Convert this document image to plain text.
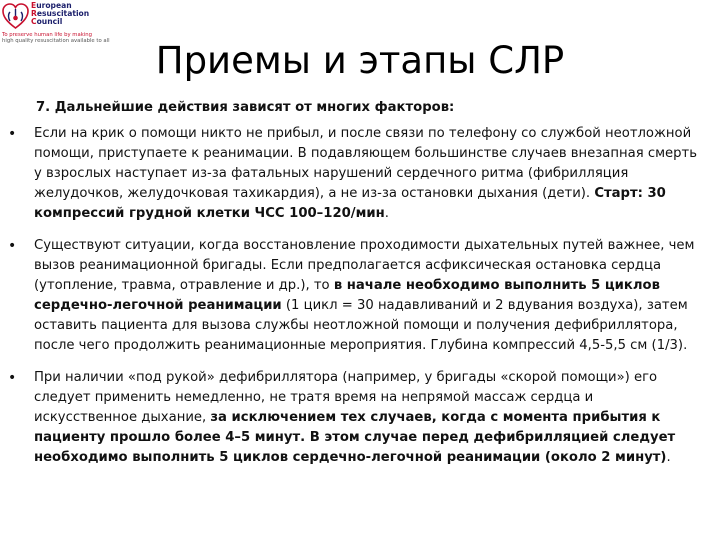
European
Resuscitation
Council
To preserve human life by making
high quality resuscitation available to all	Приемы и этапы СЛР
7. Дальнейшие действия зависят от многих факторов:
• Если на крик о помощи никто не прибыл, и после связи по телефону со службой неотложной помощи, приступаете к реанимации. В подавляющем большинстве случаев внезапная смерть у взрослых наступает из-за фатальных нарушений сердечного ритма (фибрилляция желудочков, желудочковая тахикардия), а не из-за остановки дыхания (дети). Старт: 30 компрессий грудной клетки ЧСС 100–120/мин.
• Существуют ситуации, когда восстановление проходимости дыхательных путей важнее, чем вызов реанимационной бригады. Если предполагается асфиксическая остановка сердца (утопление, травма, отравление и др.), то в начале необходимо выполнить 5 циклов сердечно-легочной реанимации (1 цикл = 30 надавливаний и 2 вдувания воздуха), затем оставить пациента для вызова службы неотложной помощи и получения дефибриллятора, после чего продолжить реанимационные мероприятия. Глубина компрессий 4,5-5,5 см (1/3).
• При наличии «под рукой» дефибриллятора (например, у бригады «скорой помощи») его следует применить немедленно, не тратя время на непрямой массаж сердца и искусственное дыхание, за исключением тех случаев, когда с момента прибытия к пациенту прошло более 4–5 минут. В этом случае перед дефибрилляцией следует необходимо выполнить 5 циклов сердечно-легочной реанимации (около 2 минут).
